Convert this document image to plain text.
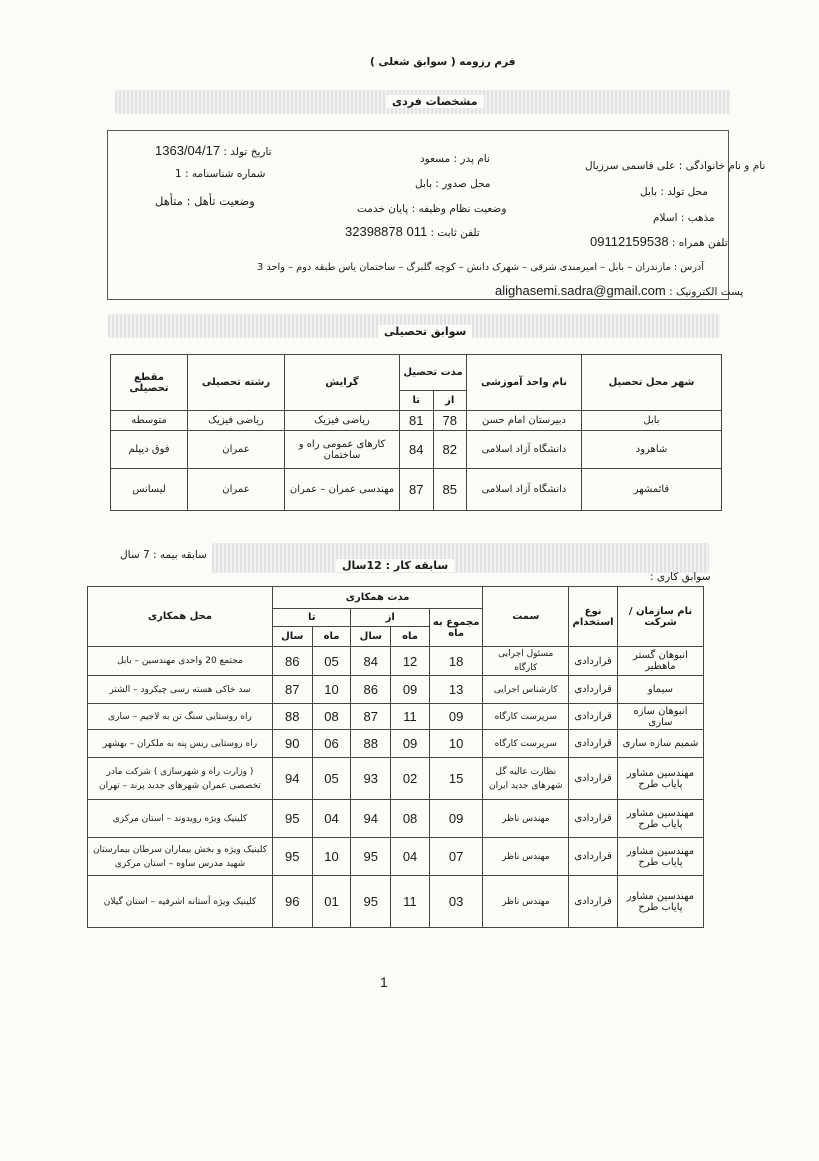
فرم رزومه ( سوابق شغلی )
مشخصات فردی
نام و نام خانوادگی : علی قاسمی سرزیال
نام پدر : مسعود
تاریخ تولد : 1363/04/17
محل تولد : بابل
محل صدور : بابل
شماره شناسنامه : 1
مذهب : اسلام
وضعیت نظام وظیفه : پایان خدمت
وضعیت تأهل : متأهل
تلفن همراه : 09112159538
تلفن ثابت : 011 32398878
آدرس : مازندران – بابل – امیرمندی شرقی – شهرک دانش – کوچه گلبرگ – ساختمان یاس طبقه دوم – واحد 3
پست الکترونیک : alighasemi.sadra@gmail.com
سوابق تحصیلی
شهر محل تحصیل	نام واحد آموزشی	مدت تحصیل		گرایش	رشته تحصیلی	مقطع تحصیلی
		از	تا			
بابل	دبیرستان امام حسن	78	81	ریاضی فیزیک	ریاضی فیزیک	متوسطه
شاهرود	دانشگاه آزاد اسلامی	82	84	کارهای عمومی راه و ساختمان	عمران	فوق دیپلم
قائمشهر	دانشگاه آزاد اسلامی	85	87	مهندسی عمران – عمران	عمران	لیسانس
سوابق کاری :
سابقه کار : 12سال
سابقه بیمه : 7 سال
نام سازمان / شرکت	نوع استخدام	سمت	مدت همکاری					محل همکاری
			مجموع به ماه	از		تا		
				ماه	سال	ماه	سال	
انبوهان گستر ماهطیر	قراردادی	مسئول اجرایی کارگاه	18	12	84	05	86	مجتمع 20 واحدی مهندسین – بابل
سیماو	قراردادی	کارشناس اجرایی	13	09	86	10	87	سد خاکی هسته رسی چیکرود – الشتر
انبوهان سازه ساری	قراردادی	سرپرست کارگاه	09	11	87	08	88	راه روستایی سنگ تن به لاجیم – ساری
شمیم سازه ساری	قراردادی	سرپرست کارگاه	10	09	88	06	90	راه روستایی ریس پنه به ملکران – بهشهر
مهندسین مشاور پایاب طرح	قراردادی	نظارت عالیه گل شهرهای جدید ایران	15	02	93	05	94	( وزارت راه و شهرسازی ) شرکت مادر تخصصی عمران شهرهای جدید پرند – تهران
مهندسین مشاور پایاب طرح	قراردادی	مهندس ناظر	09	08	94	04	95	کلینیک ویژه رویدوند – استان مرکزی
مهندسین مشاور پایاب طرح	قراردادی	مهندس ناظر	07	04	95	10	95	کلینیک ویژه و بخش بیماران سرطان بیمارستان شهید مدرس ساوه – استان مرکزی
مهندسین مشاور پایاب طرح	قراردادی	مهندس ناظر	03	11	95	01	96	کلینیک ویژه آستانه اشرفیه – استان گیلان
1
